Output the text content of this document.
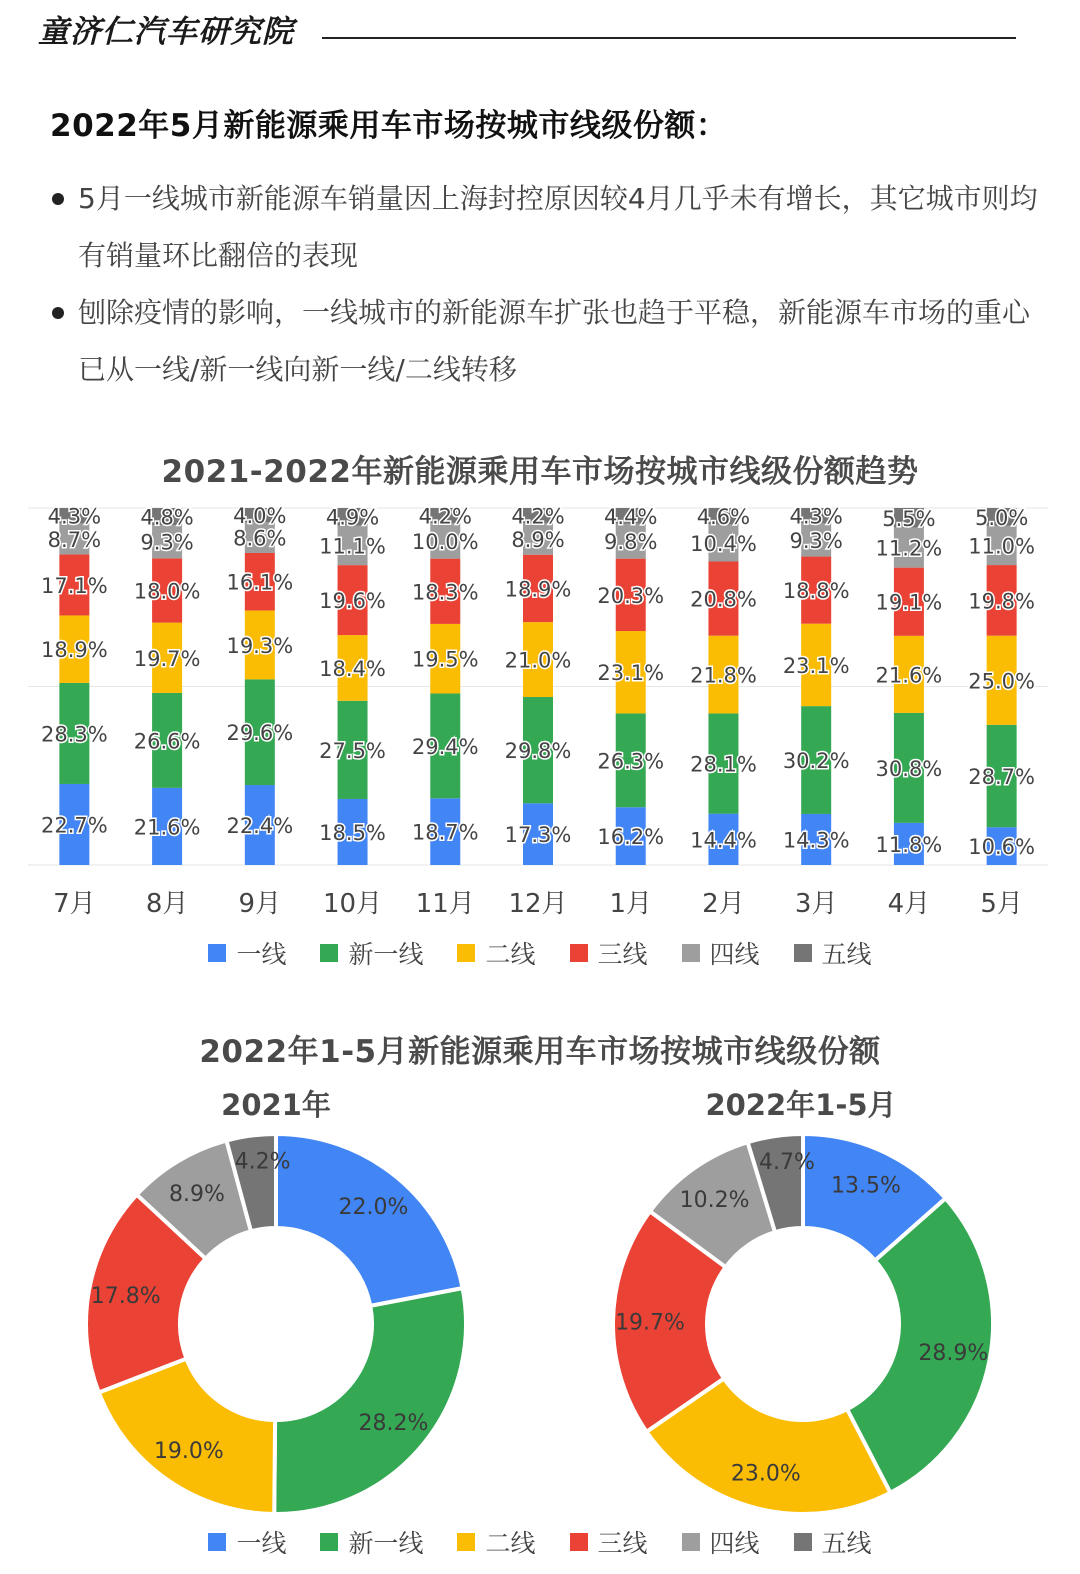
童济仁汽车研究院
2022年5月新能源乘用车市场按城市线级份额：
5月一线城市新能源车销量因上海封控原因较4月几乎未有增长，其它城市则均有销量环比翻倍的表现
刨除疫情的影响，一线城市的新能源车扩张也趋于平稳，新能源车市场的重心已从一线/新一线向新一线/二线转移
2021-2022年新能源乘用车市场按城市线级份额趋势
22.7%
28.3%
18.9%
17.1%
8.7%
4.3%
7月
21.6%
26.6%
19.7%
18.0%
9.3%
4.8%
8月
22.4%
29.6%
19.3%
16.1%
8.6%
4.0%
9月
18.5%
27.5%
18.4%
19.6%
11.1%
4.9%
10月
18.7%
29.4%
19.5%
18.3%
10.0%
4.2%
11月
17.3%
29.8%
21.0%
18.9%
8.9%
4.2%
12月
16.2%
26.3%
23.1%
20.3%
9.8%
4.4%
1月
14.4%
28.1%
21.8%
20.8%
10.4%
4.6%
2月
14.3%
30.2%
23.1%
18.8%
9.3%
4.3%
3月
11.8%
30.8%
21.6%
19.1%
11.2%
5.5%
4月
10.6%
28.7%
25.0%
19.8%
11.0%
5.0%
5月
一线 新一线 二线 三线 四线 五线
2022年1-5月新能源乘用车市场按城市线级份额
2021年	2022年1-5月
22.0%
28.2%
19.0%
17.8%
8.9%
4.2%
13.5%
28.9%
23.0%
19.7%
10.2%
4.7%
一线 新一线 二线 三线 四线 五线
